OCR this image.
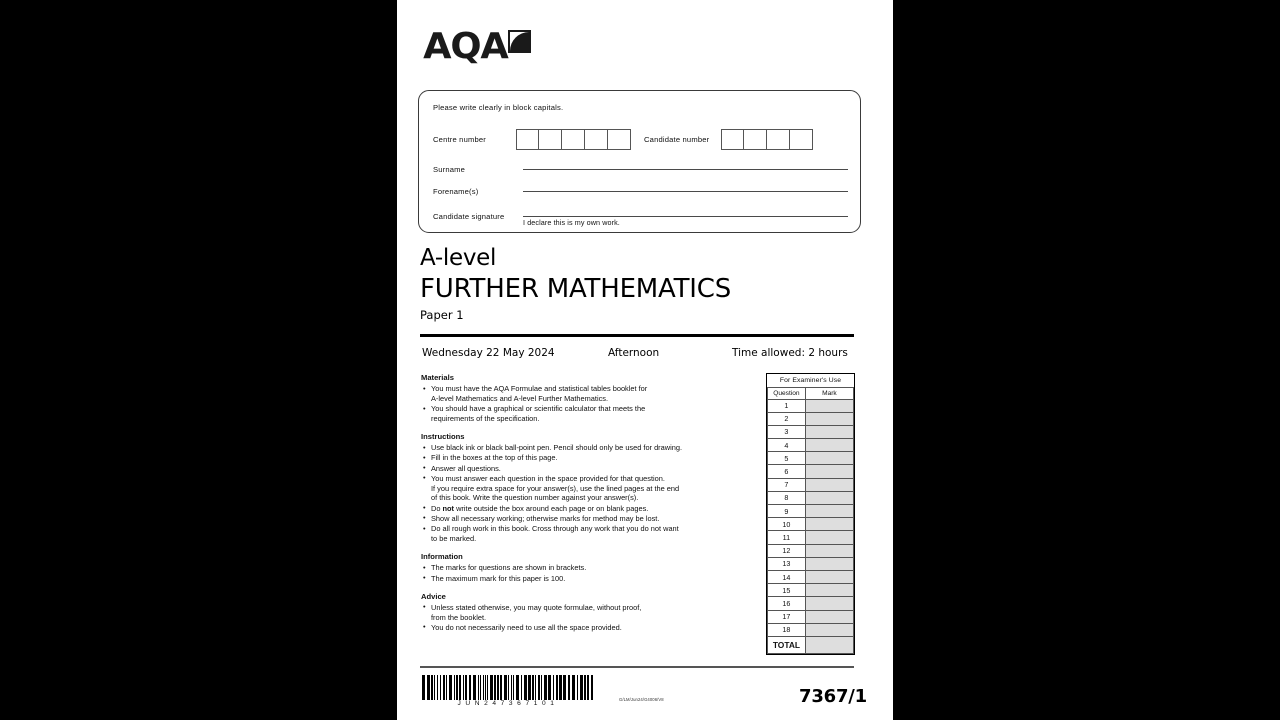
AQA
Please write clearly in block capitals.
Centre number	Candidate number
Surname
Forename(s)
Candidate signature
I declare this is my own work.
A-level
FURTHER MATHEMATICS
Paper 1
Wednesday 22 May 2024	Afternoon	Time allowed: 2 hours
Materials
• You must have the AQA Formulae and statistical tables booklet for
A-level Mathematics and A-level Further Mathematics.
• You should have a graphical or scientific calculator that meets the
requirements of the specification.
Instructions
• Use black ink or black ball-point pen. Pencil should only be used for drawing.
• Fill in the boxes at the top of this page.
• Answer all questions.
• You must answer each question in the space provided for that question.
If you require extra space for your answer(s), use the lined pages at the end
of this book. Write the question number against your answer(s).
• Do not write outside the box around each page or on blank pages.
• Show all necessary working; otherwise marks for method may be lost.
• Do all rough work in this book. Cross through any work that you do not want
to be marked.
Information
• The marks for questions are shown in brackets.
• The maximum mark for this paper is 100.
Advice
• Unless stated otherwise, you may quote formulae, without proof,
from the booklet.
• You do not necessarily need to use all the space provided.
For Examiner's Use	
Question	Mark
1	
2	
3	
4	
5	
6	
7	
8	
9	
10	
11	
12	
13	
14	
15	
16	
17	
18	
TOTAL	
JUN247367101
G/LM/Jun24/G4006/V8	7367/1
